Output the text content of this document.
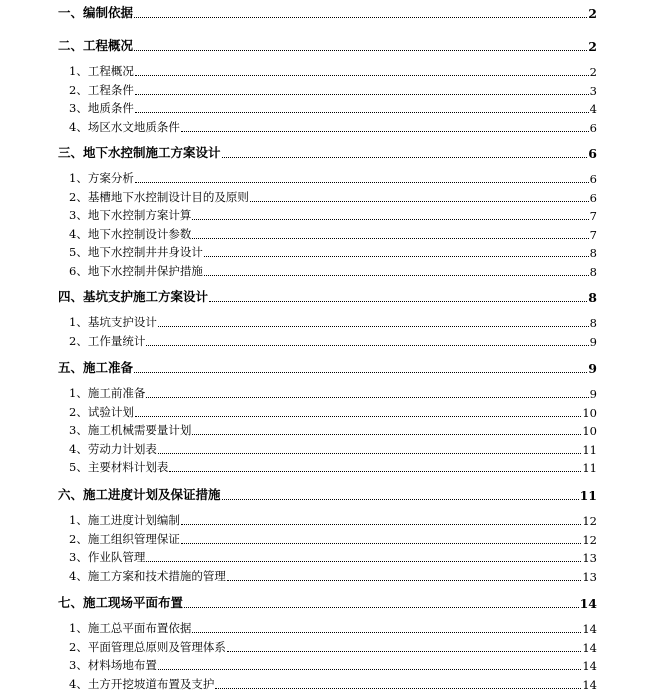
一、 编制依据	2
二、 工程概况	2
1、 工程概况	2
2、 工程条件	3
3、 地质条件	4
4、 场区水文地质条件	6
三、 地下水控制施工方案设计	6
1、 方案分析	6
2、 基槽地下水控制设计目的及原则	6
3、 地下水控制方案计算	7
4、 地下水控制设计参数	7
5、 地下水控制井井身设计	8
6、 地下水控制井保护措施	8
四、 基坑支护施工方案设计	8
1、 基坑支护设计	8
2、 工作量统计	9
五、 施工准备	9
1、 施工前准备	9
2、 试验计划	10
3、 施工机械需要量计划	10
4、 劳动力计划表	11
5、 主要材料计划表	11
六、 施工进度计划及保证措施	11
1、 施工进度计划编制	12
2、 施工组织管理保证	12
3、 作业队管理	13
4、 施工方案和技术措施的管理	13
七、 施工现场平面布置	14
1、 施工总平面布置依据	14
2、 平面管理总原则及管理体系	14
3、 材料场地布置	14
4、 土方开挖坡道布置及支护	14
